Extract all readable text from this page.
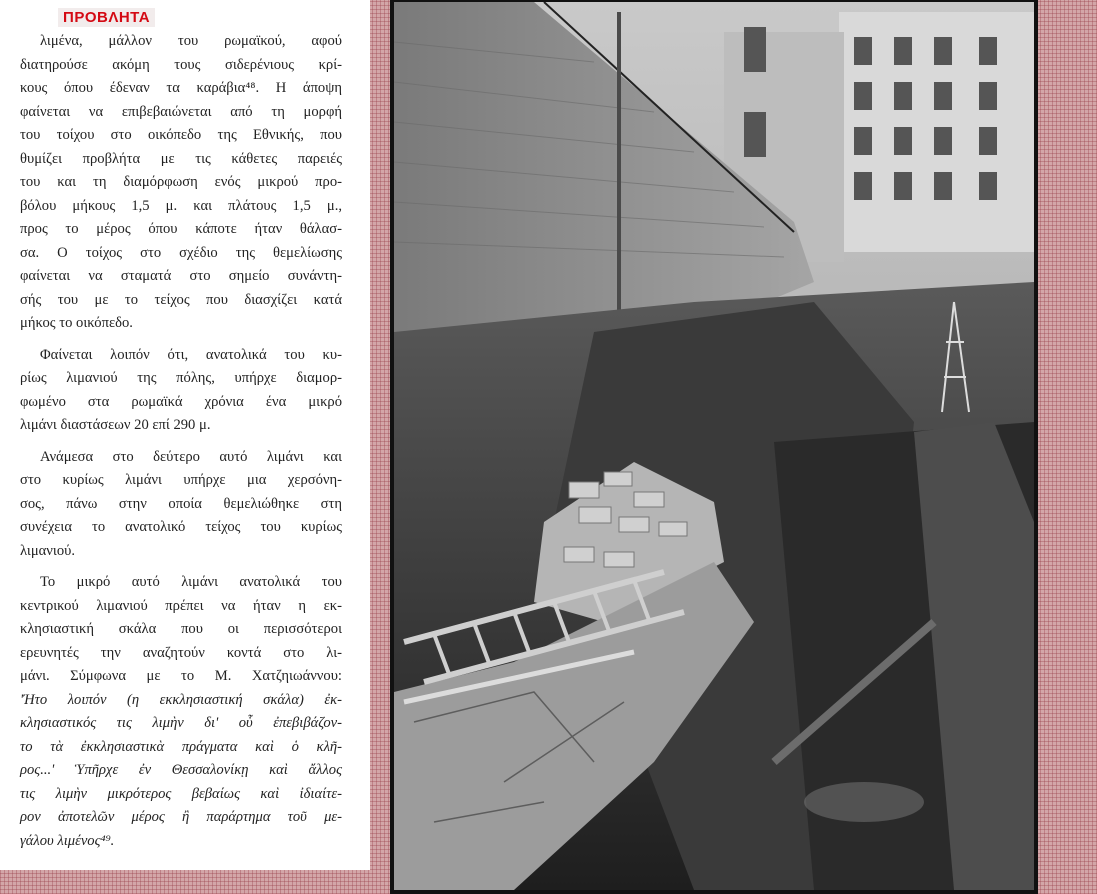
ΠΡΟΒΛΗΤΑ
λιμένα, μάλλον του ρωμαϊκού, αφού
διατηρούσε ακόμη τους σιδερένιους κρί-
κους όπου έδεναν τα καράβια⁴⁸. Η άποψη
φαίνεται να επιβεβαιώνεται από τη μορφή
του τοίχου στο οικόπεδο της Εθνικής, που
θυμίζει προβλήτα με τις κάθετες παρειές
του και τη διαμόρφωση ενός μικρού προ-
βόλου μήκους 1,5 μ. και πλάτους 1,5 μ.,
προς το μέρος όπου κάποτε ήταν θάλασ-
σα. Ο τοίχος στο σχέδιο της θεμελίωσης
φαίνεται να σταματά στο σημείο συνάντη-
σής του με το τείχος που διασχίζει κατά
μήκος το οικόπεδο.
Φαίνεται λοιπόν ότι, ανατολικά του κυ-
ρίως λιμανιού της πόλης, υπήρχε διαμορ-
φωμένο στα ρωμαϊκά χρόνια ένα μικρό
λιμάνι διαστάσεων 20 επί 290 μ.
Ανάμεσα στο δεύτερο αυτό λιμάνι και
στο κυρίως λιμάνι υπήρχε μια χερσόνη-
σος, πάνω στην οποία θεμελιώθηκε στη
συνέχεια το ανατολικό τείχος του κυρίως
λιμανιού.
Το μικρό αυτό λιμάνι ανατολικά του
κεντρικού λιμανιού πρέπει να ήταν η εκ-
κλησιαστική σκάλα που οι περισσότεροι
ερευνητές την αναζητούν κοντά στο λι-
μάνι. Σύμφωνα με το Μ. Χατζηιωάννου:
'Ήτο λοιπόν (η εκκλησιαστική σκάλα) ἐκ-
κλησιαστικός τις λιμὴν δι' οὗ ἐπεβιβάζον-
το τὰ ἐκκλησιαστικὰ πράγματα καὶ ὁ κλῆ-
ρος...' Ὑπῆρχε ἐν Θεσσαλονίκῃ καὶ ἄλλος
τις λιμὴν μικρότερος βεβαίως καὶ ἰδιαίτε-
ρον ἀποτελῶν μέρος ἢ παράρτημα τοῦ με-
γάλου λιμένος⁴⁹.
